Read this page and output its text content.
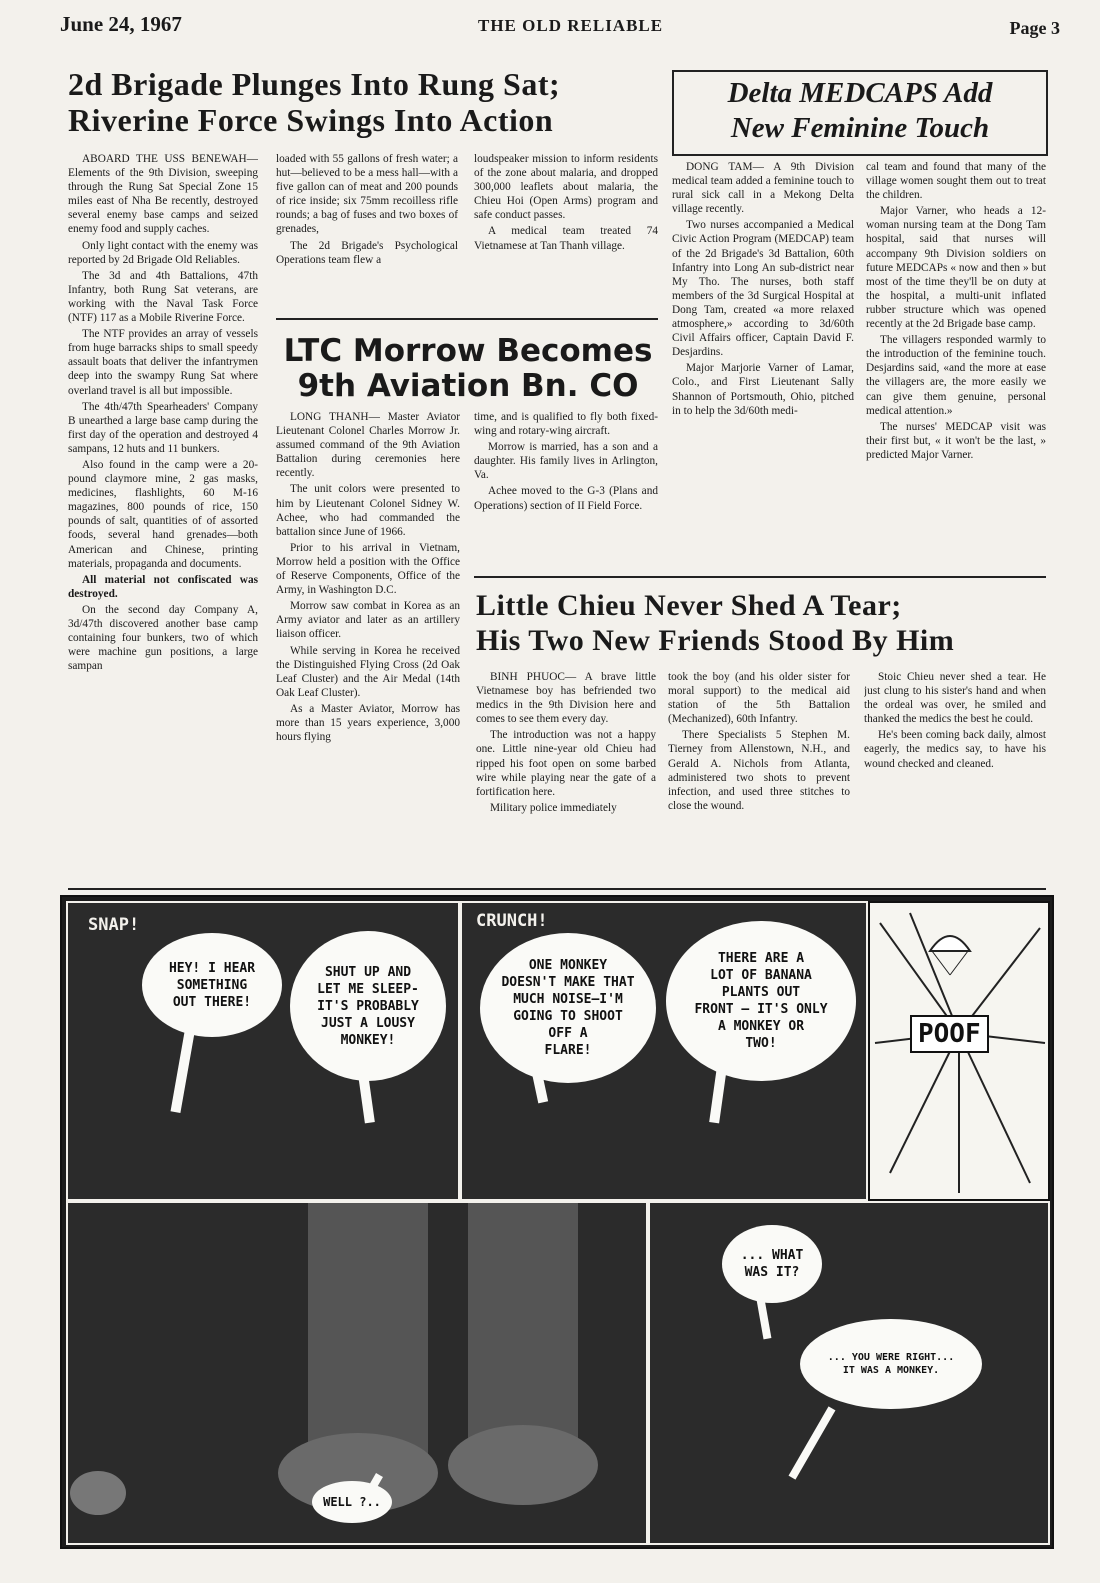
June 24, 1967	THE OLD RELIABLE	Page 3
2d Brigade Plunges Into Rung Sat;
Riverine Force Swings Into Action
Delta MEDCAPS Add
New Feminine Touch

ABOARD THE USS BENEWAH— Elements of the 9th Division, sweeping through the Rung Sat Special Zone 15 miles east of Nha Be recently, destroyed several enemy base camps and seized enemy food and supply caches.

Only light contact with the enemy was reported by 2d Brigade Old Reliables.

The 3d and 4th Battalions, 47th Infantry, both Rung Sat veterans, are working with the Naval Task Force (NTF) 117 as a Mobile Riverine Force.

The NTF provides an array of vessels from huge barracks ships to small speedy assault boats that deliver the infantrymen deep into the swampy Rung Sat where overland travel is all but impossible.

The 4th/47th Spearheaders' Company B unearthed a large base camp during the first day of the operation and destroyed 4 sampans, 12 huts and 11 bunkers.

Also found in the camp were a 20-pound claymore mine, 2 gas masks, medicines, flashlights, 60 M-16 magazines, 800 pounds of rice, 150 pounds of salt, quantities of of assorted foods, several hand grenades—both American and Chinese, printing materials, propaganda and documents.

All material not confiscated was destroyed.

On the second day Company A, 3d/47th discovered another base camp containing four bunkers, two of which were machine gun positions, a large sampan

loaded with 55 gallons of fresh water; a hut—believed to be a mess hall—with a five gallon can of meat and 200 pounds of rice inside; six 75mm recoilless rifle rounds; a bag of fuses and two boxes of grenades,

The 2d Brigade's Psychological Operations team flew a

loudspeaker mission to inform residents of the zone about malaria, and dropped 300,000 leaflets about malaria, the Chieu Hoi (Open Arms) program and safe conduct passes.

A medical team treated 74 Vietnamese at Tan Thanh village.

LTC Morrow Becomes
9th Aviation Bn. CO

LONG THANH— Master Aviator Lieutenant Colonel Charles Morrow Jr. assumed command of the 9th Aviation Battalion during ceremonies here recently.

The unit colors were presented to him by Lieutenant Colonel Sidney W. Achee, who had commanded the battalion since June of 1966.

Prior to his arrival in Vietnam, Morrow held a position with the Office of Reserve Components, Office of the Army, in Washington D.C.

Morrow saw combat in Korea as an Army aviator and later as an artillery liaison officer.

While serving in Korea he received the Distinguished Flying Cross (2d Oak Leaf Cluster) and the Air Medal (14th Oak Leaf Cluster).

As a Master Aviator, Morrow has more than 15 years experience, 3,000 hours flying

time, and is qualified to fly both fixed-wing and rotary-wing aircraft.

Morrow is married, has a son and a daughter. His family lives in Arlington, Va.

Achee moved to the G-3 (Plans and Operations) section of II Field Force.

DONG TAM— A 9th Division medical team added a feminine touch to rural sick call in a Mekong Delta village recently.

Two nurses accompanied a Medical Civic Action Program (MEDCAP) team of the 2d Brigade's 3d Battalion, 60th Infantry into Long An sub-district near My Tho. The nurses, both staff members of the 3d Surgical Hospital at Dong Tam, created «a more relaxed atmosphere,» according to 3d/60th Civil Affairs officer, Captain David F. Desjardins.

Major Marjorie Varner of Lamar, Colo., and First Lieutenant Sally Shannon of Portsmouth, Ohio, pitched in to help the 3d/60th medi-

cal team and found that many of the village women sought them out to treat the children.

Major Varner, who heads a 12-woman nursing team at the Dong Tam hospital, said that nurses will accompany 9th Division soldiers on future MEDCAPs « now and then » but most of the time they'll be on duty at the hospital, a multi-unit inflated rubber structure which was opened recently at the 2d Brigade base camp.

The villagers responded warmly to the introduction of the feminine touch. Desjardins said, «and the more at ease the villagers are, the more easily we can give them genuine, personal medical attention.»

The nurses' MEDCAP visit was their first but, « it won't be the last, » predicted Major Varner.

Little Chieu Never Shed A Tear;
His Two New Friends Stood By Him

BINH PHUOC— A brave little Vietnamese boy has befriended two medics in the 9th Division here and comes to see them every day.

The introduction was not a happy one. Little nine-year old Chieu had ripped his foot open on some barbed wire while playing near the gate of a fortification here.

Military police immediately

took the boy (and his older sister for moral support) to the medical aid station of the 5th Battalion (Mechanized), 60th Infantry.

There Specialists 5 Stephen M. Tierney from Allenstown, N.H., and Gerald A. Nichols from Atlanta, administered two shots to prevent infection, and used three stitches to close the wound.

Stoic Chieu never shed a tear. He just clung to his sister's hand and when the ordeal was over, he smiled and thanked the medics the best he could.

He's been coming back daily, almost eagerly, the medics say, to have his wound checked and cleaned.

SNAP!
HEY! I HEAR
SOMETHING
OUT THERE!
SHUT UP AND
LET ME SLEEP-
IT'S PROBABLY
JUST A LOUSY
MONKEY!
CRUNCH!
ONE MONKEY
DOESN'T MAKE THAT
MUCH NOISE—I'M
GOING TO SHOOT
OFF A
FLARE!
THERE ARE A
LOT OF BANANA
PLANTS OUT
FRONT — IT'S ONLY
A MONKEY OR
TWO!	POOF
WELL ?..
... WHAT
WAS IT?
... YOU WERE RIGHT...
IT WAS A MONKEY.
